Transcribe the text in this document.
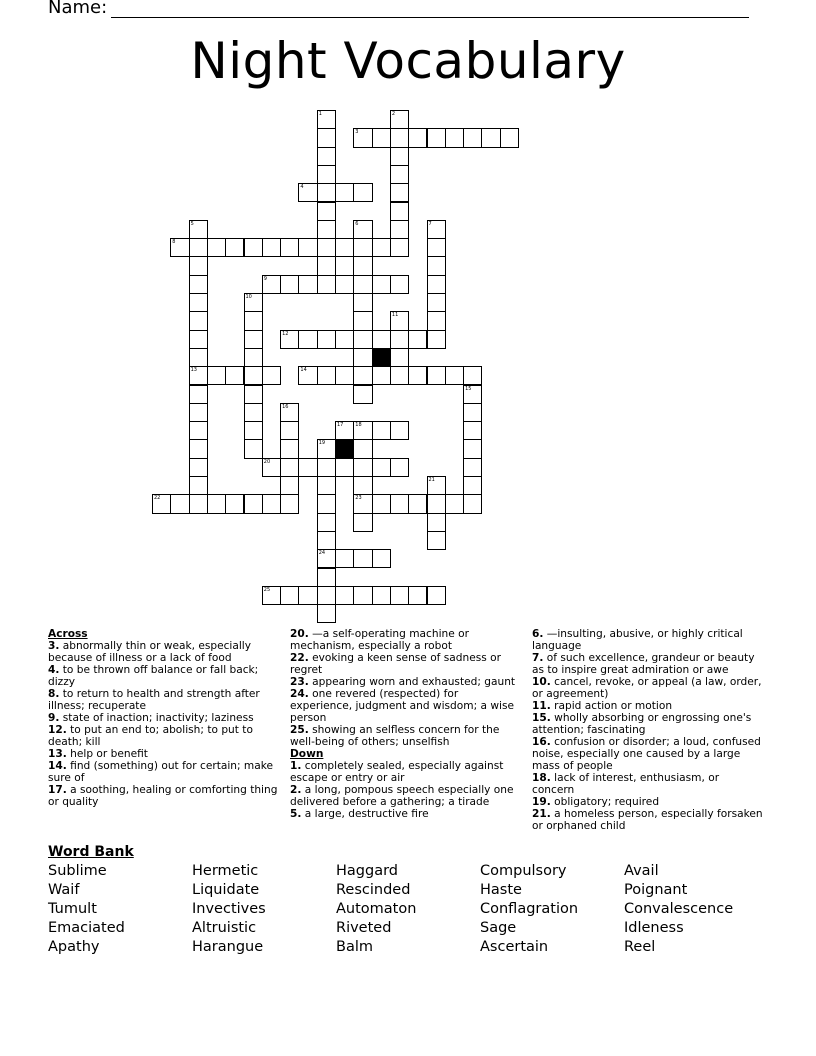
Name:
Night Vocabulary
1	2
3
4
5
13
6	7
8
9
10
11
12
14
15
16
17 18
23
19
24
20
21
22
25
Across
3. abnormally thin or weak, especially because of illness or a lack of food
4. to be thrown off balance or fall back; dizzy
8. to return to health and strength after illness; recuperate
9. state of inaction; inactivity; laziness
12. to put an end to; abolish; to put to death; kill
13. help or benefit
14. find (something) out for certain; make sure of
17. a soothing, healing or comforting thing or quality
20. —a self-operating machine or mechanism, especially a robot
22. evoking a keen sense of sadness or regret
23. appearing worn and exhausted; gaunt
24. one revered (respected) for experience, judgment and wisdom; a wise person
25. showing an selfless concern for the well-being of others; unselfish
Down
1. completely sealed, especially against escape or entry or air
2. a long, pompous speech especially one delivered before a gathering; a tirade
5. a large, destructive fire
6. —insulting, abusive, or highly critical language
7. of such excellence, grandeur or beauty as to inspire great admiration or awe
10. cancel, revoke, or appeal (a law, order, or agreement)
11. rapid action or motion
15. wholly absorbing or engrossing one's attention; fascinating
16. confusion or disorder; a loud, confused noise, especially one caused by a large mass of people
18. lack of interest, enthusiasm, or concern
19. obligatory; required
21. a homeless person, especially forsaken or orphaned child
Word Bank
Sublime
Waif
Tumult
Emaciated
Apathy
Hermetic
Liquidate
Invectives
Altruistic
Harangue
Haggard
Rescinded
Automaton
Riveted
Balm
Compulsory
Haste
Conflagration
Sage
Ascertain
Avail
Poignant
Convalescence
Idleness
Reel
